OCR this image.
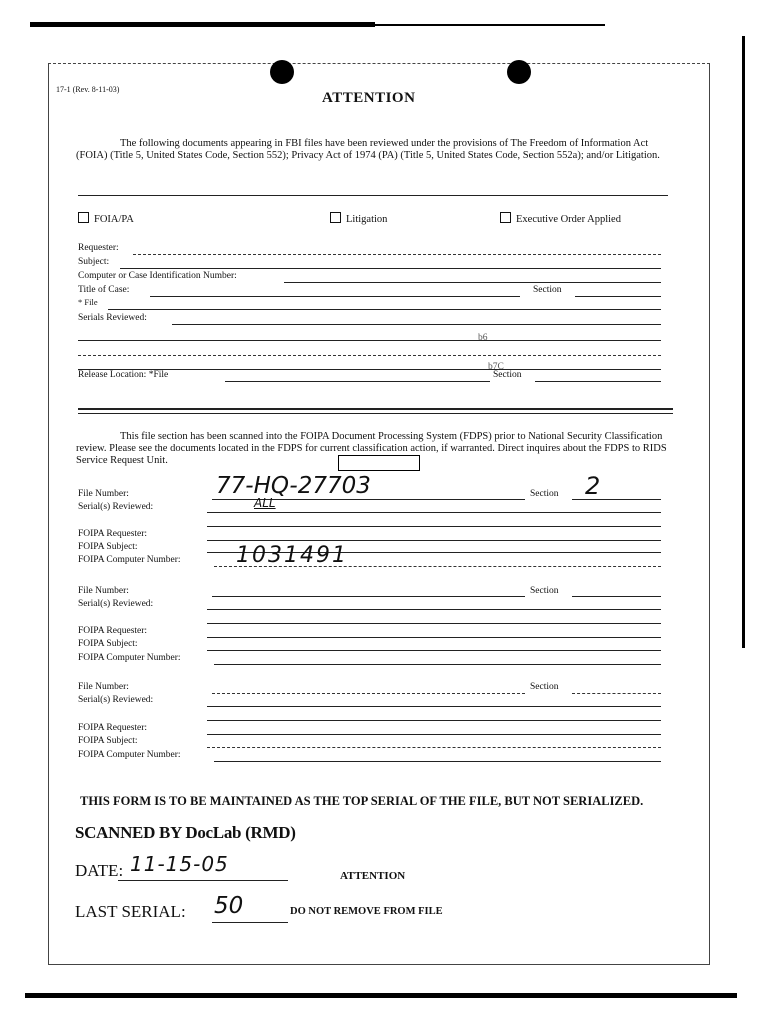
17-1 (Rev. 8-11-03)
ATTENTION
The following documents appearing in FBI files have been reviewed under the provisions of The Freedom of Information Act (FOIA) (Title 5, United States Code, Section 552); Privacy Act of 1974 (PA) (Title 5, United States Code, Section 552a); and/or Litigation.
FOIA/PA	Litigation	Executive Order Applied
Requester:
Subject:
Computer or Case Identification Number:
Title of Case:	Section
* File
Serials Reviewed:
b6
b7C
Release Location: *File	Section
This file section has been scanned into the FOIPA Document Processing System (FDPS) prior to National Security Classification review. Please see the documents located in the FDPS for current classification action, if warranted. Direct inquires about the FDPS to RIDS Service Request Unit.
File Number:	77-HQ-27703	Section 2
Serial(s) Reviewed:	ALL
FOIPA Requester:
FOIPA Subject:
FOIPA Computer Number:	1031491
File Number:	Section
Serial(s) Reviewed:
FOIPA Requester:
FOIPA Subject:
FOIPA Computer Number:
File Number:	Section
Serial(s) Reviewed:
FOIPA Requester:
FOIPA Subject:
FOIPA Computer Number:
THIS FORM IS TO BE MAINTAINED AS THE TOP SERIAL OF THE FILE, BUT NOT SERIALIZED.
SCANNED BY DocLab (RMD)
DATE: 11-15-05	ATTENTION
LAST SERIAL: 50	DO NOT REMOVE FROM FILE
